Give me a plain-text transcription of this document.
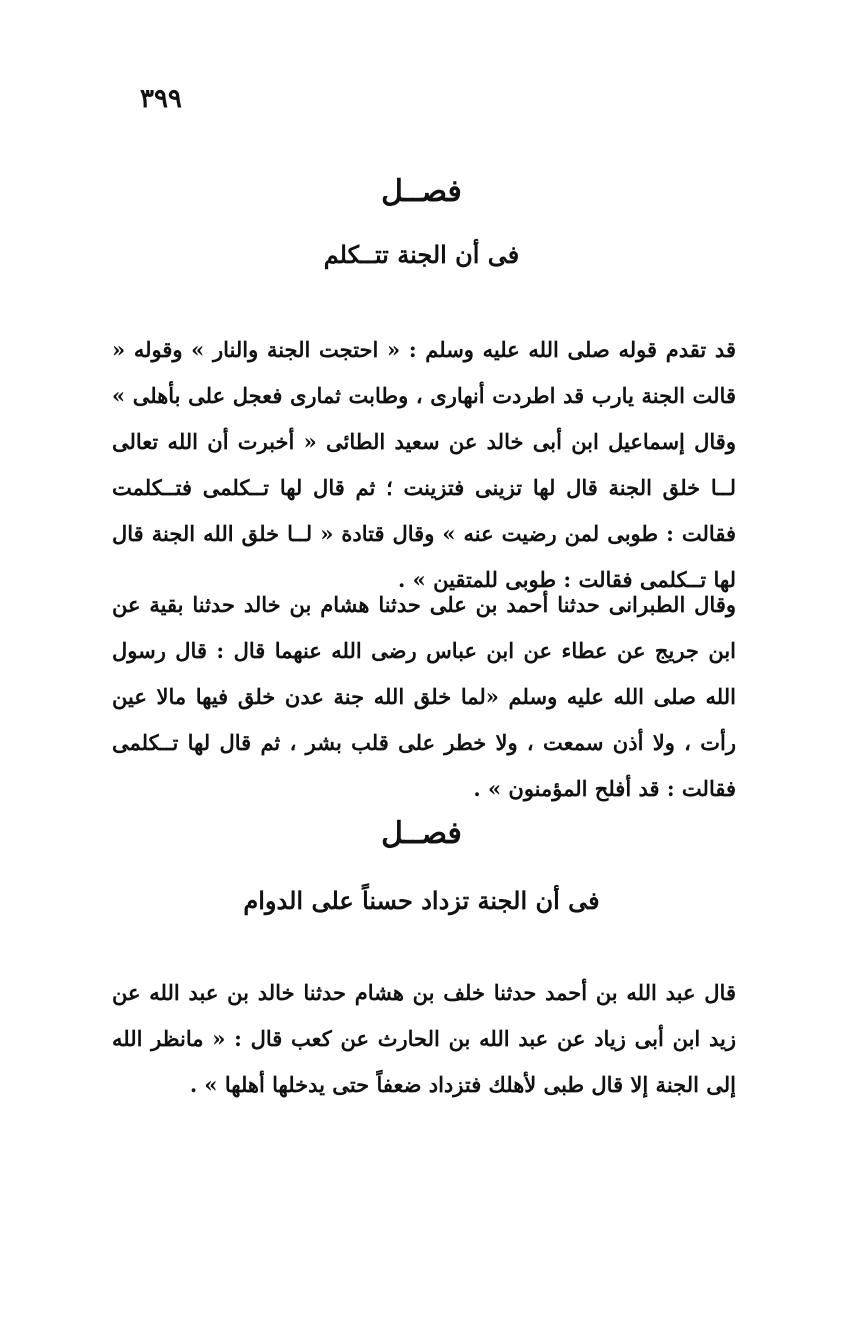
٣٩٩
فصــل
فى أن الجنة تتــكلم
قد تقدم قوله صلى الله عليه وسلم : « احتجت الجنة والنار » وقوله « قالت الجنة يارب قد اطردت أنهارى ، وطابت ثمارى فعجل على بأهلى » وقال إسماعيل ابن أبى خالد عن سعيد الطائى « أخبرت أن الله تعالى لــا خلق الجنة قال لها تزينى فتزينت ؛ ثم قال لها تــكلمى فتــكلمت فقالت : طوبى لمن رضيت عنه » وقال قتادة « لــا خلق الله الجنة قال لها تــكلمى فقالت : طوبى للمتقين » .
وقال الطبرانى حدثنا أحمد بن على حدثنا هشام بن خالد حدثنا بقية عن ابن جريج عن عطاء عن ابن عباس رضى الله عنهما قال : قال رسول الله صلى الله عليه وسلم «لما خلق الله جنة عدن خلق فيها مالا عين رأت ، ولا أذن سمعت ، ولا خطر على قلب بشر ، ثم قال لها تــكلمى فقالت : قد أفلح المؤمنون » .
فصــل
فى أن الجنة تزداد حسناً على الدوام
قال عبد الله بن أحمد حدثنا خلف بن هشام حدثنا خالد بن عبد الله عن زيد ابن أبى زياد عن عبد الله بن الحارث عن كعب قال : « مانظر الله إلى الجنة إلا قال طبى لأهلك فتزداد ضعفاً حتى يدخلها أهلها » .
